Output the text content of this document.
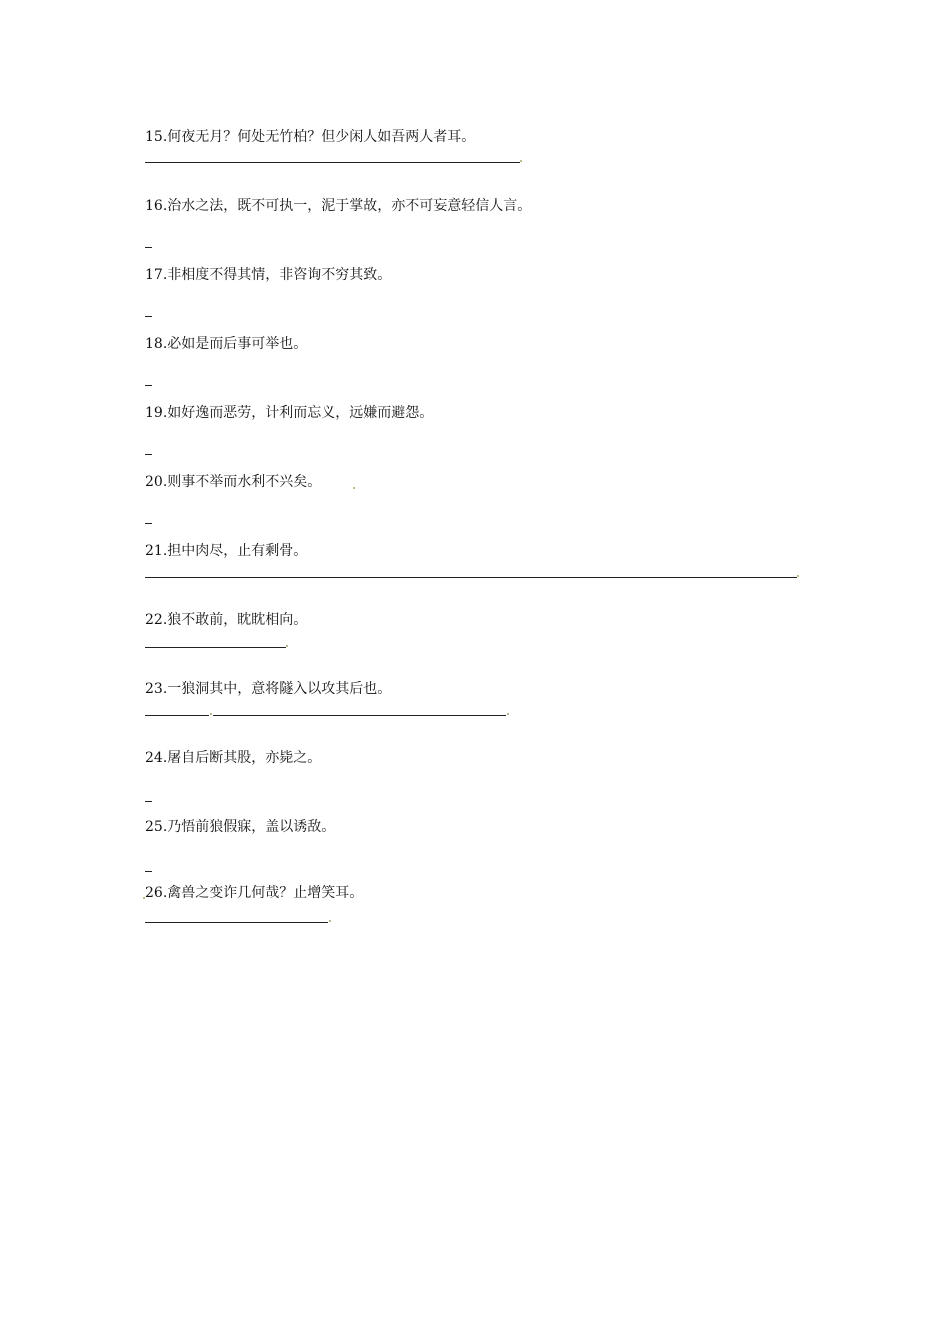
15.何夜无月？何处无竹柏？但少闲人如吾两人者耳。
16.治水之法，既不可执一，泥于掌故，亦不可妄意轻信人言。
17.非相度不得其情，非咨询不穷其致。
18.必如是而后事可举也。
19.如好逸而恶劳，计利而忘义，远嫌而避怨。
20.则事不举而水利不兴矣。
21.担中肉尽，止有剩骨。
22.狼不敢前，眈眈相向。
23.一狼洞其中，意将隧入以攻其后也。
24.屠自后断其股，亦毙之。
25.乃悟前狼假寐，盖以诱敌。
26.禽兽之变诈几何哉？止增笑耳。
